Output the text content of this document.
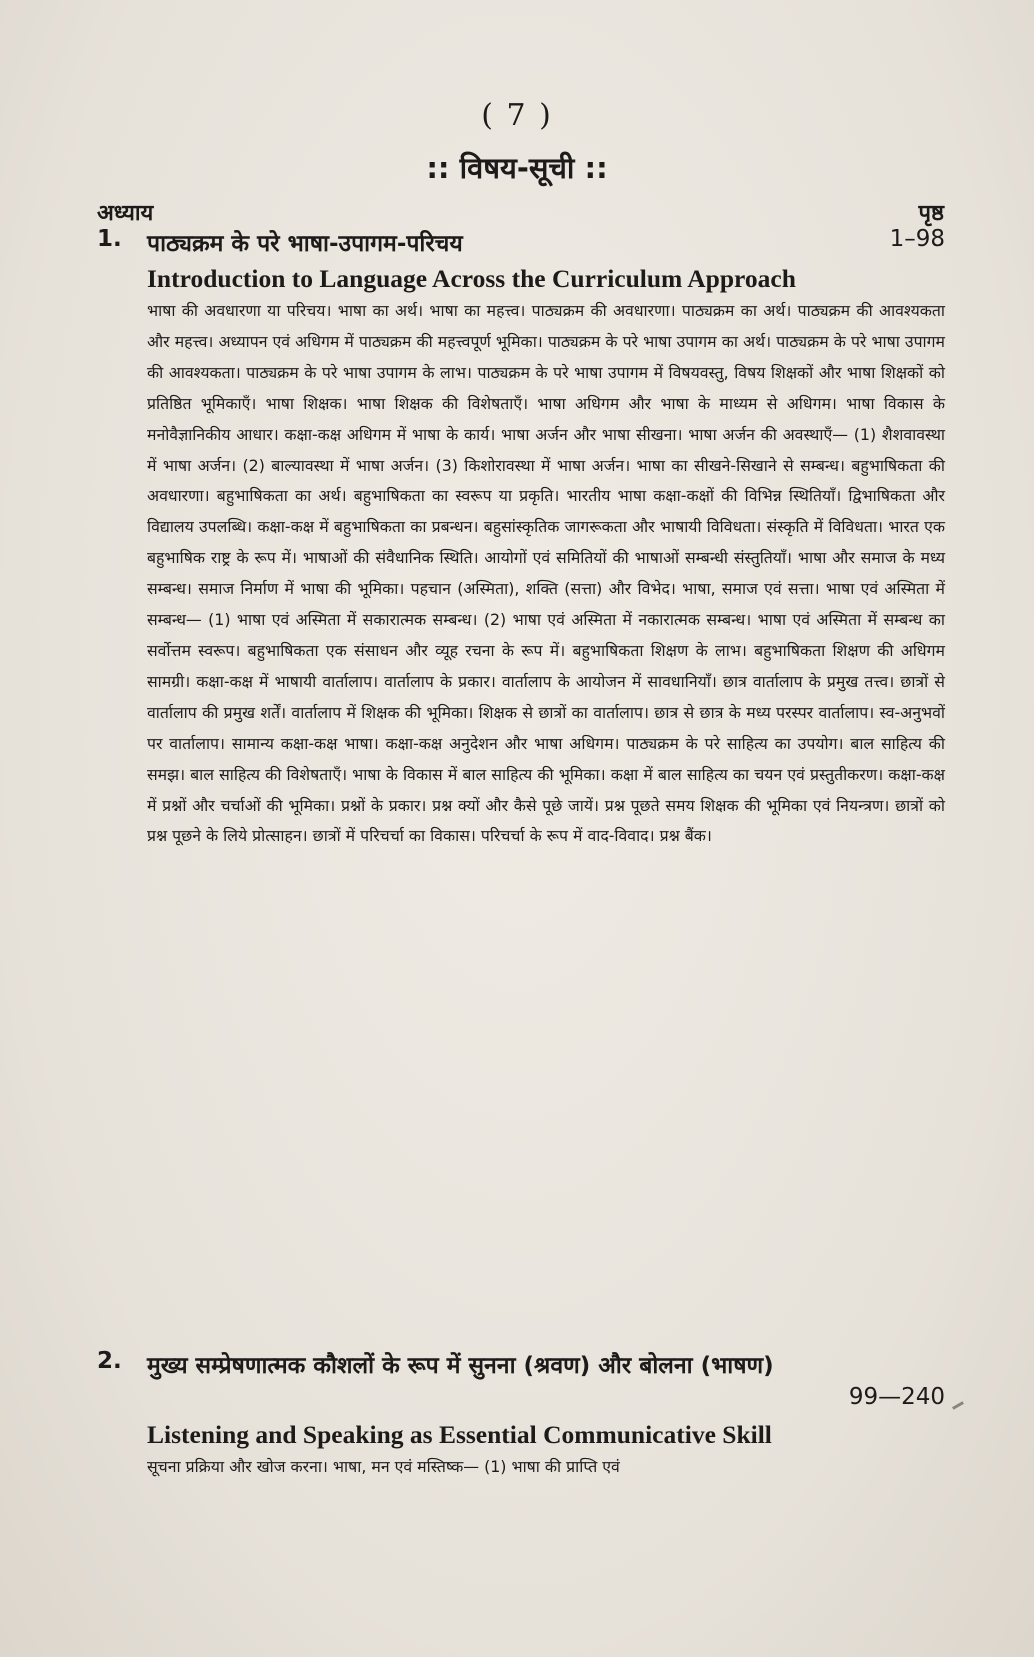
( 7 )
:: विषय-सूची ::
अध्याय	पृष्ठ
1. पाठ्यक्रम के परे भाषा-उपागम-परिचय	1–98
Introduction to Language Across the Curriculum Approach
भाषा की अवधारणा या परिचय। भाषा का अर्थ। भाषा का महत्त्व। पाठ्यक्रम की अवधारणा। पाठ्यक्रम का अर्थ। पाठ्यक्रम की आवश्यकता और महत्त्व। अध्यापन एवं अधिगम में पाठ्यक्रम की महत्त्वपूर्ण भूमिका। पाठ्यक्रम के परे भाषा उपागम का अर्थ। पाठ्यक्रम के परे भाषा उपागम की आवश्यकता। पाठ्यक्रम के परे भाषा उपागम के लाभ। पाठ्यक्रम के परे भाषा उपागम में विषयवस्तु, विषय शिक्षकों और भाषा शिक्षकों को प्रतिष्ठित भूमिकाएँ। भाषा शिक्षक। भाषा शिक्षक की विशेषताएँ। भाषा अधिगम और भाषा के माध्यम से अधिगम। भाषा विकास के मनोवैज्ञानिकीय आधार। कक्षा-कक्ष अधिगम में भाषा के कार्य। भाषा अर्जन और भाषा सीखना। भाषा अर्जन की अवस्थाएँ— (1) शैशवावस्था में भाषा अर्जन। (2) बाल्यावस्था में भाषा अर्जन। (3) किशोरावस्था में भाषा अर्जन। भाषा का सीखने-सिखाने से सम्बन्ध। बहुभाषिकता की अवधारणा। बहुभाषिकता का अर्थ। बहुभाषिकता का स्वरूप या प्रकृति। भारतीय भाषा कक्षा-कक्षों की विभिन्न स्थितियाँ। द्विभाषिकता और विद्यालय उपलब्धि। कक्षा-कक्ष में बहुभाषिकता का प्रबन्धन। बहुसांस्कृतिक जागरूकता और भाषायी विविधता। संस्कृति में विविधता। भारत एक बहुभाषिक राष्ट्र के रूप में। भाषाओं की संवैधानिक स्थिति। आयोगों एवं समितियों की भाषाओं सम्बन्धी संस्तुतियाँ। भाषा और समाज के मध्य सम्बन्ध। समाज निर्माण में भाषा की भूमिका। पहचान (अस्मिता), शक्ति (सत्ता) और विभेद। भाषा, समाज एवं सत्ता। भाषा एवं अस्मिता में सम्बन्ध— (1) भाषा एवं अस्मिता में सकारात्मक सम्बन्ध। (2) भाषा एवं अस्मिता में नकारात्मक सम्बन्ध। भाषा एवं अस्मिता में सम्बन्ध का सर्वोत्तम स्वरूप। बहुभाषिकता एक संसाधन और व्यूह रचना के रूप में। बहुभाषिकता शिक्षण के लाभ। बहुभाषिकता शिक्षण की अधिगम सामग्री। कक्षा-कक्ष में भाषायी वार्तालाप। वार्तालाप के प्रकार। वार्तालाप के आयोजन में सावधानियाँ। छात्र वार्तालाप के प्रमुख तत्त्व। छात्रों से वार्तालाप की प्रमुख शर्तें। वार्तालाप में शिक्षक की भूमिका। शिक्षक से छात्रों का वार्तालाप। छात्र से छात्र के मध्य परस्पर वार्तालाप। स्व-अनुभवों पर वार्तालाप। सामान्य कक्षा-कक्ष भाषा। कक्षा-कक्ष अनुदेशन और भाषा अधिगम। पाठ्यक्रम के परे साहित्य का उपयोग। बाल साहित्य की समझ। बाल साहित्य की विशेषताएँ। भाषा के विकास में बाल साहित्य की भूमिका। कक्षा में बाल साहित्य का चयन एवं प्रस्तुतीकरण। कक्षा-कक्ष में प्रश्नों और चर्चाओं की भूमिका। प्रश्नों के प्रकार। प्रश्न क्यों और कैसे पूछे जायें। प्रश्न पूछते समय शिक्षक की भूमिका एवं नियन्त्रण। छात्रों को प्रश्न पूछने के लिये प्रोत्साहन। छात्रों में परिचर्चा का विकास। परिचर्चा के रूप में वाद-विवाद। प्रश्न बैंक।
2. मुख्य सम्प्रेषणात्मक कौशलों के रूप में सुनना (श्रवण) और बोलना (भाषण)
99—240
Listening and Speaking as Essential Communicative Skill
सूचना प्रक्रिया और खोज करना। भाषा, मन एवं मस्तिष्क— (1) भाषा की प्राप्ति एवं
